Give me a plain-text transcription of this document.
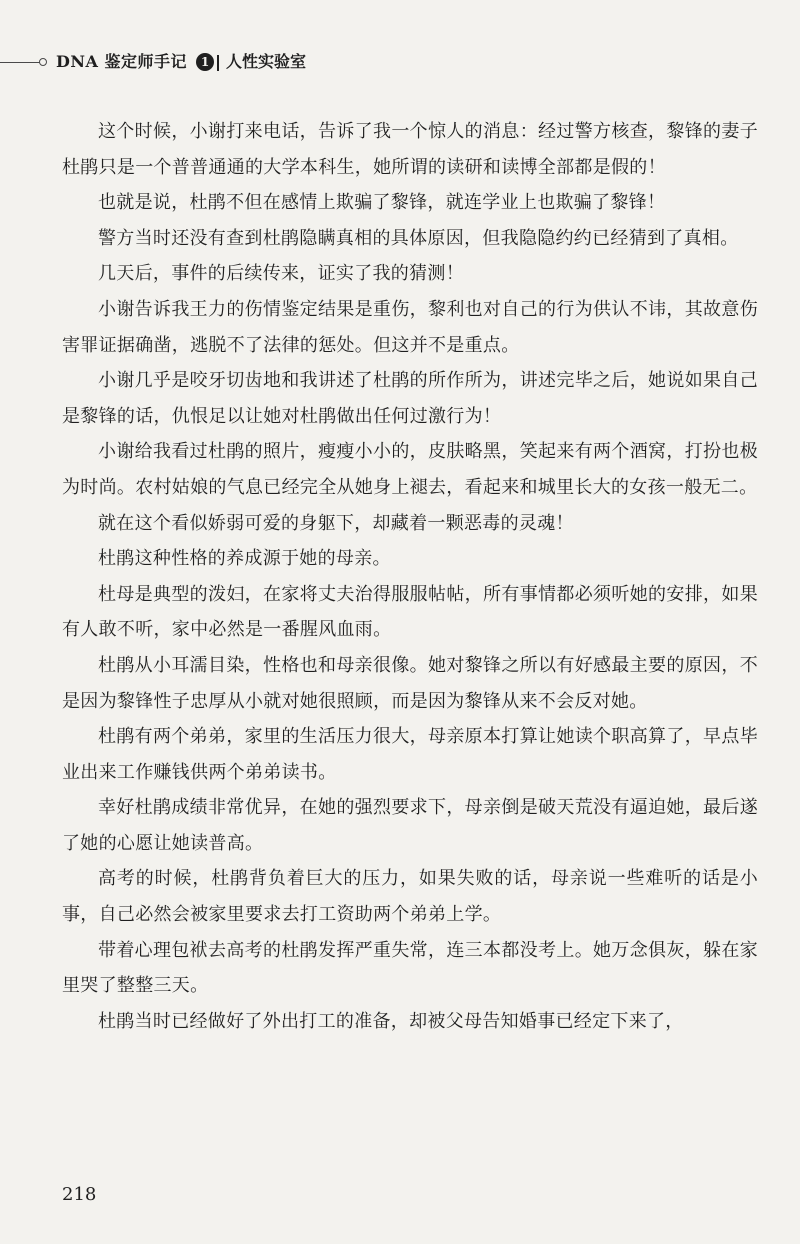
DNA 鉴定师手记	1	人性实验室

这个时候，小谢打来电话，告诉了我一个惊人的消息：经过警方核查，黎锋的妻子杜鹃只是一个普普通通的大学本科生，她所谓的读研和读博全部都是假的！

也就是说，杜鹃不但在感情上欺骗了黎锋，就连学业上也欺骗了黎锋！

警方当时还没有查到杜鹃隐瞒真相的具体原因，但我隐隐约约已经猜到了真相。

几天后，事件的后续传来，证实了我的猜测！

小谢告诉我王力的伤情鉴定结果是重伤，黎利也对自己的行为供认不讳，其故意伤害罪证据确凿，逃脱不了法律的惩处。但这并不是重点。

小谢几乎是咬牙切齿地和我讲述了杜鹃的所作所为，讲述完毕之后，她说如果自己是黎锋的话，仇恨足以让她对杜鹃做出任何过激行为！

小谢给我看过杜鹃的照片，瘦瘦小小的，皮肤略黑，笑起来有两个酒窝，打扮也极为时尚。农村姑娘的气息已经完全从她身上褪去，看起来和城里长大的女孩一般无二。

就在这个看似娇弱可爱的身躯下，却藏着一颗恶毒的灵魂！

杜鹃这种性格的养成源于她的母亲。

杜母是典型的泼妇，在家将丈夫治得服服帖帖，所有事情都必须听她的安排，如果有人敢不听，家中必然是一番腥风血雨。

杜鹃从小耳濡目染，性格也和母亲很像。她对黎锋之所以有好感最主要的原因，不是因为黎锋性子忠厚从小就对她很照顾，而是因为黎锋从来不会反对她。

杜鹃有两个弟弟，家里的生活压力很大，母亲原本打算让她读个职高算了，早点毕业出来工作赚钱供两个弟弟读书。

幸好杜鹃成绩非常优异，在她的强烈要求下，母亲倒是破天荒没有逼迫她，最后遂了她的心愿让她读普高。

高考的时候，杜鹃背负着巨大的压力，如果失败的话，母亲说一些难听的话是小事，自己必然会被家里要求去打工资助两个弟弟上学。

带着心理包袱去高考的杜鹃发挥严重失常，连三本都没考上。她万念俱灰，躲在家里哭了整整三天。

杜鹃当时已经做好了外出打工的准备，却被父母告知婚事已经定下来了，

218
